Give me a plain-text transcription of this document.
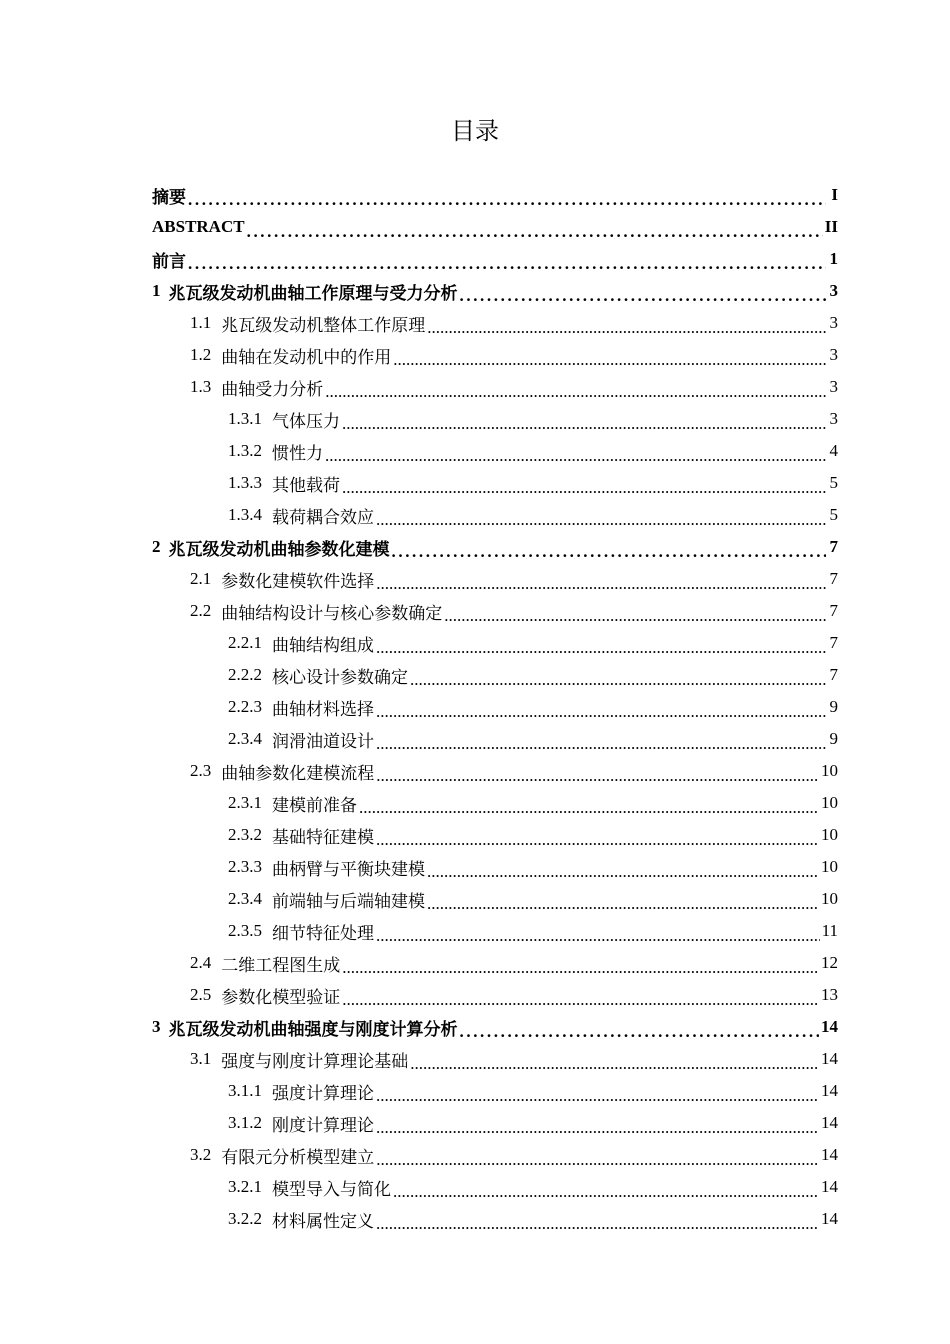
目录
摘要 .....	I
ABSTRACT .....	II
前言 .....	1
1 兆瓦级发动机曲轴工作原理与受力分析 .....	3
1.1 兆瓦级发动机整体工作原理 .....	3
1.2 曲轴在发动机中的作用 .....	3
1.3 曲轴受力分析 .....	3
1.3.1 气体压力 .....	3
1.3.2 惯性力 .....	4
1.3.3 其他载荷 .....	5
1.3.4 载荷耦合效应 .....	5
2 兆瓦级发动机曲轴参数化建模 .....	7
2.1 参数化建模软件选择 .....	7
2.2 曲轴结构设计与核心参数确定 .....	7
2.2.1 曲轴结构组成 .....	7
2.2.2 核心设计参数确定 .....	7
2.2.3 曲轴材料选择 .....	9
2.3.4 润滑油道设计 .....	9
2.3 曲轴参数化建模流程 .....	10
2.3.1 建模前准备 .....	10
2.3.2 基础特征建模 .....	10
2.3.3 曲柄臂与平衡块建模 .....	10
2.3.4 前端轴与后端轴建模 .....	10
2.3.5 细节特征处理 .....	11
2.4 二维工程图生成 .....	12
2.5 参数化模型验证 .....	13
3 兆瓦级发动机曲轴强度与刚度计算分析 .....	14
3.1 强度与刚度计算理论基础 .....	14
3.1.1 强度计算理论 .....	14
3.1.2 刚度计算理论 .....	14
3.2 有限元分析模型建立 .....	14
3.2.1 模型导入与简化 .....	14
3.2.2 材料属性定义 .....	14
